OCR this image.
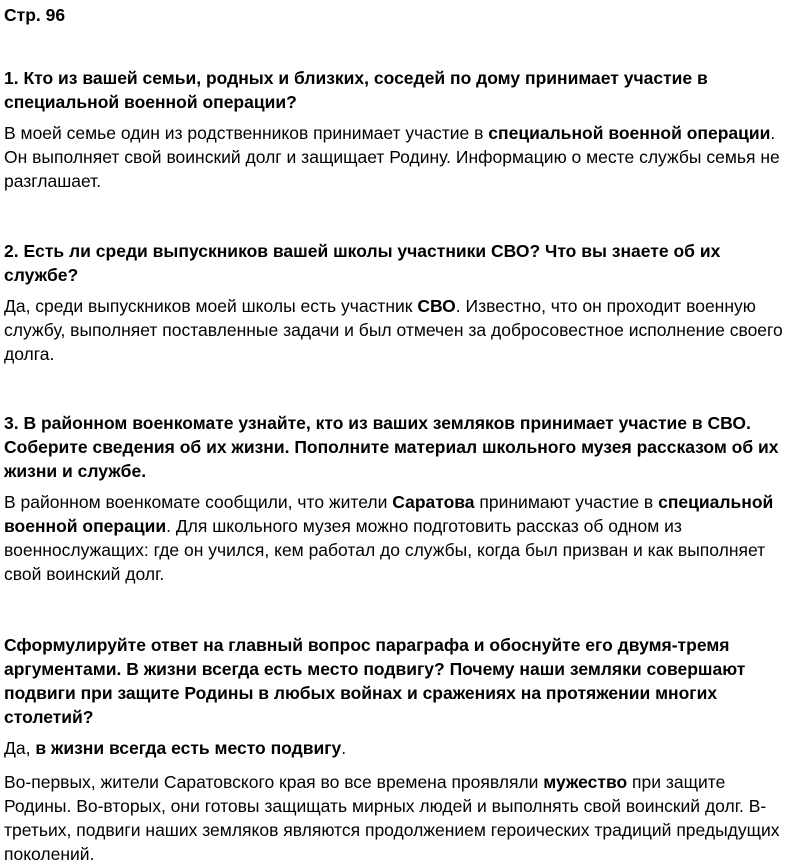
Стр. 96

1. Кто из вашей семьи, родных и близких, соседей по дому принимает участие в специальной военной операции?

В моей семье один из родственников принимает участие в специальной военной операции. Он выполняет свой воинский долг и защищает Родину. Информацию о месте службы семья не разглашает.

2. Есть ли среди выпускников вашей школы участники СВО? Что вы знаете об их службе?

Да, среди выпускников моей школы есть участник СВО. Известно, что он проходит военную службу, выполняет поставленные задачи и был отмечен за добросовестное исполнение своего долга.

3. В районном военкомате узнайте, кто из ваших земляков принимает участие в СВО. Соберите сведения об их жизни. Пополните материал школьного музея рассказом об их жизни и службе.

В районном военкомате сообщили, что жители Саратова принимают участие в специальной военной операции. Для школьного музея можно подготовить рассказ об одном из военнослужащих: где он учился, кем работал до службы, когда был призван и как выполняет свой воинский долг.

Сформулируйте ответ на главный вопрос параграфа и обоснуйте его двумя-тремя аргументами. В жизни всегда есть место подвигу? Почему наши земляки совершают подвиги при защите Родины в любых войнах и сражениях на протяжении многих столетий?

Да, в жизни всегда есть место подвигу.

Во-первых, жители Саратовского края во все времена проявляли мужество при защите Родины. Во-вторых, они готовы защищать мирных людей и выполнять свой воинский долг. В-третьих, подвиги наших земляков являются продолжением героических традиций предыдущих поколений.
